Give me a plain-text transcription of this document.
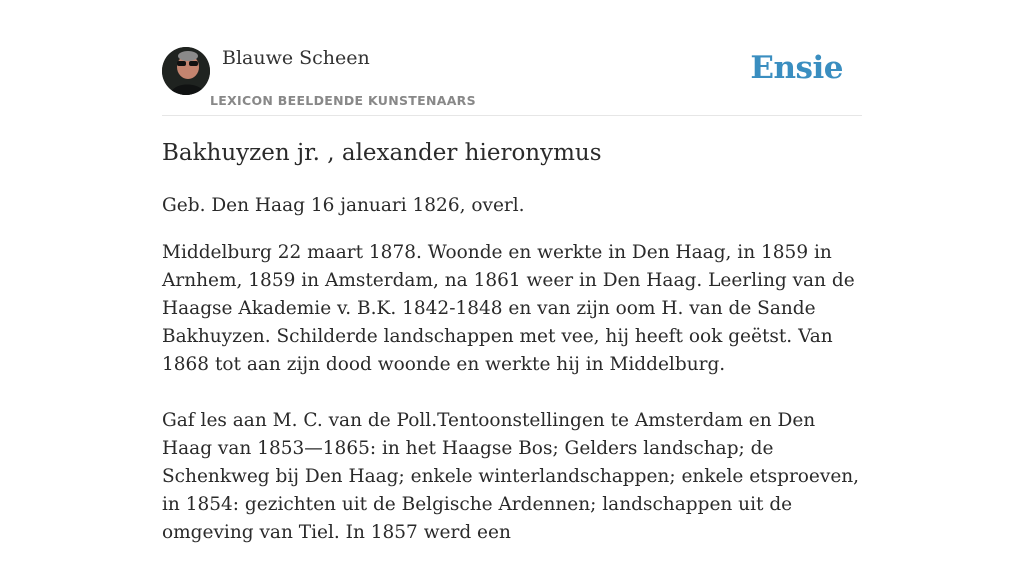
Blauwe Scheen
LEXICON BEELDENDE KUNSTENAARS
Ensie
Bakhuyzen jr. , alexander hieronymus

Geb. Den Haag 16 januari 1826, overl.

Middelburg 22 maart 1878. Woonde en werkte in Den Haag, in 1859 in Arnhem, 1859 in Amsterdam, na 1861 weer in Den Haag. Leerling van de Haagse Akademie v. B.K. 1842-1848 en van zijn oom H. van de Sande Bakhuyzen. Schilderde landschappen met vee, hij heeft ook geëtst. Van 1868 tot aan zijn dood woonde en werkte hij in Middelburg.

Gaf les aan M. C. van de Poll.Tentoonstellingen te Amsterdam en Den Haag van 1853—1865: in het Haagse Bos; Gelders landschap; de Schenkweg bij Den Haag; enkele winterlandschappen; enkele etsproeven, in 1854: gezichten uit de Belgische Ardennen; landschappen uit de omgeving van Tiel. In 1857 werd een
